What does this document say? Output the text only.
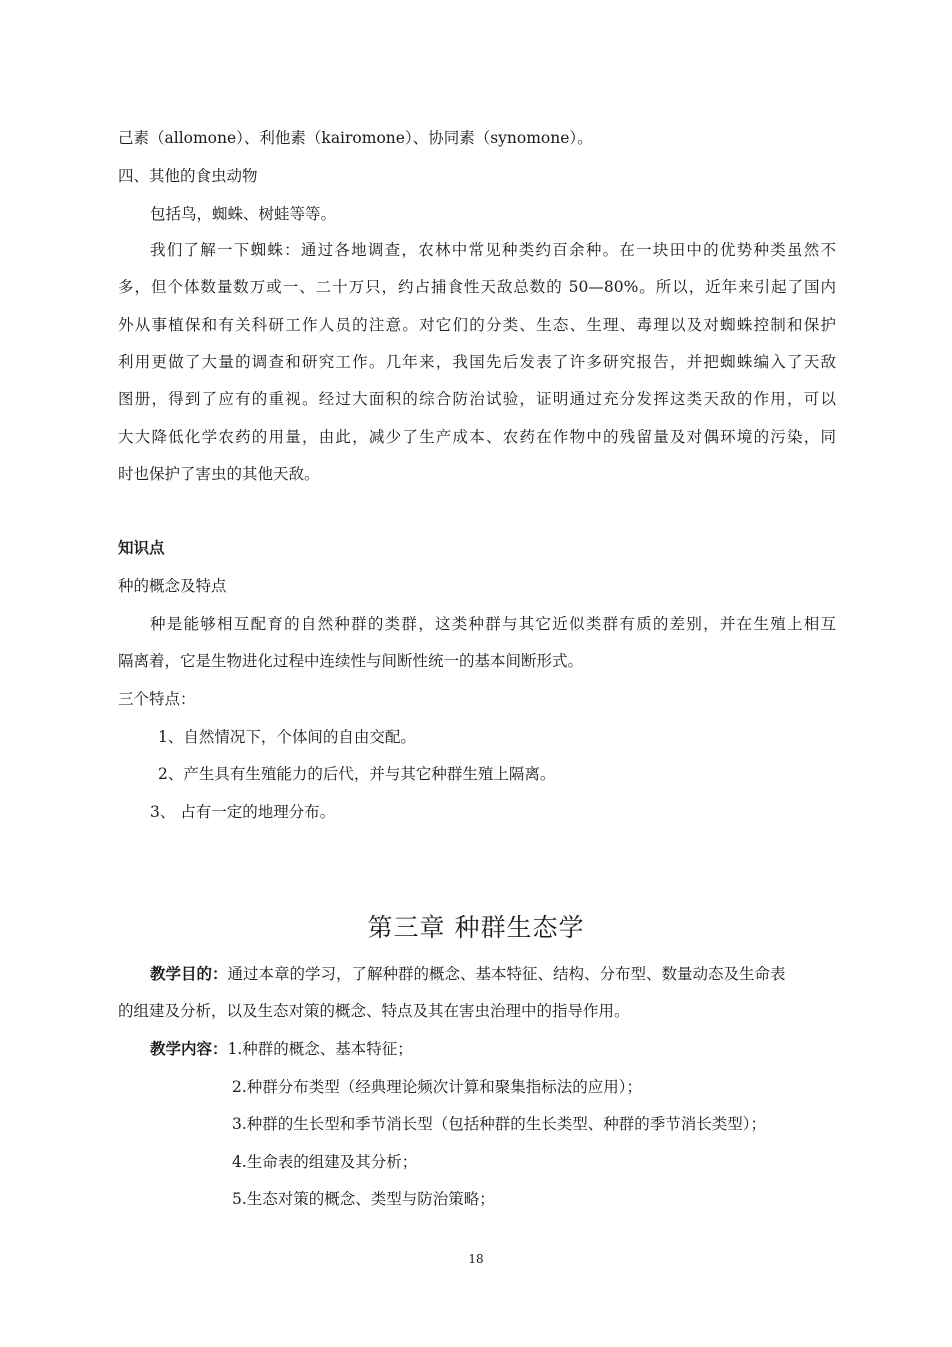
己素（allomone）、利他素（kairomone）、协同素（synomone）。
四、其他的食虫动物
包括鸟，蜘蛛、树蛙等等。
我们了解一下蜘蛛：通过各地调查，农林中常见种类约百余种。在一块田中的优势种类虽然不
多，但个体数量数万或一、二十万只，约占捕食性天敌总数的 50—80%。所以，近年来引起了国内
外从事植保和有关科研工作人员的注意。对它们的分类、生态、生理、毒理以及对蜘蛛控制和保护
利用更做了大量的调查和研究工作。几年来，我国先后发表了许多研究报告，并把蜘蛛编入了天敌
图册，得到了应有的重视。经过大面积的综合防治试验，证明通过充分发挥这类天敌的作用，可以
大大降低化学农药的用量，由此，减少了生产成本、农药在作物中的残留量及对偶环境的污染，同
时也保护了害虫的其他天敌。
知识点
种的概念及特点
种是能够相互配育的自然种群的类群，这类种群与其它近似类群有质的差别，并在生殖上相互
隔离着，它是生物进化过程中连续性与间断性统一的基本间断形式。
三个特点：
1、自然情况下，个体间的自由交配。
2、产生具有生殖能力的后代，并与其它种群生殖上隔离。
3、 占有一定的地理分布。
第三章 种群生态学
教学目的：通过本章的学习，了解种群的概念、基本特征、结构、分布型、数量动态及生命表
的组建及分析，以及生态对策的概念、特点及其在害虫治理中的指导作用。
教学内容：1.种群的概念、基本特征；
2.种群分布类型（经典理论频次计算和聚集指标法的应用）；
3.种群的生长型和季节消长型（包括种群的生长类型、种群的季节消长类型）；
4.生命表的组建及其分析；
5.生态对策的概念、类型与防治策略；
18
